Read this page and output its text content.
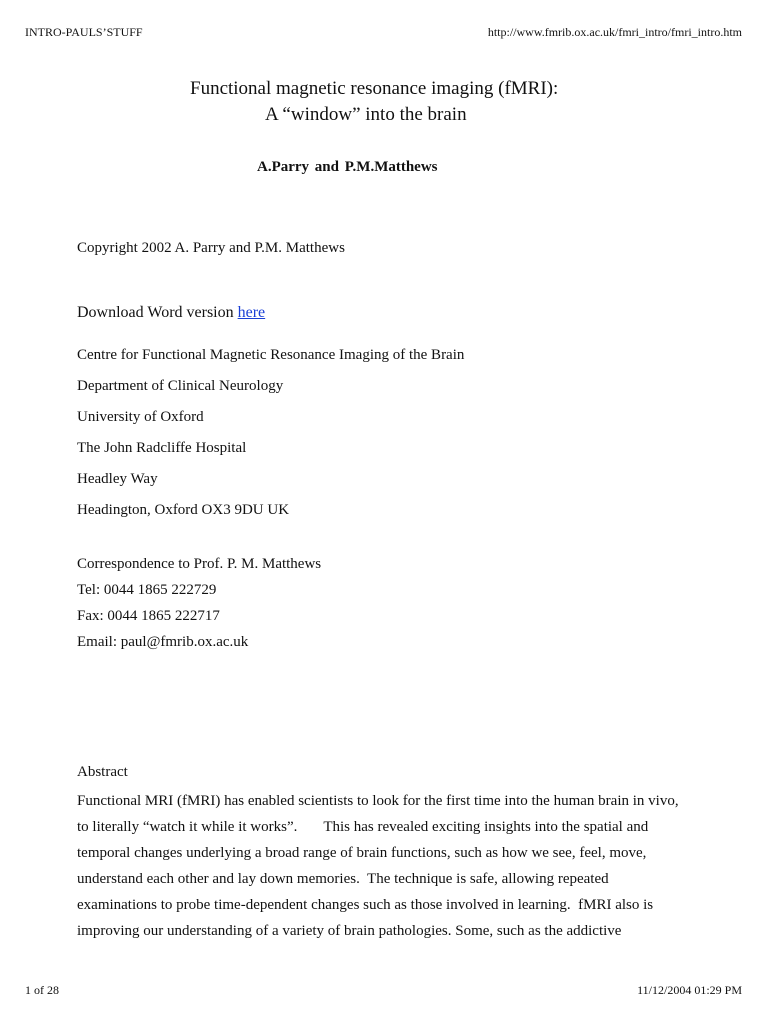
INTRO-PAULS’STUFF	http://www.fmrib.ox.ac.uk/fmri_intro/fmri_intro.htm
Functional magnetic resonance imaging (fMRI):
A “window” into the brain
A.Parry and P.M.Matthews
Copyright 2002 A. Parry and P.M. Matthews
Download Word version here
Centre for Functional Magnetic Resonance Imaging of the Brain
Department of Clinical Neurology
University of Oxford
The John Radcliffe Hospital
Headley Way
Headington, Oxford OX3 9DU UK
Correspondence to Prof. P. M. Matthews
Tel: 0044 1865 222729
Fax: 0044 1865 222717
Email: paul@fmrib.ox.ac.uk
Abstract
Functional MRI (fMRI) has enabled scientists to look for the first time into the human brain in vivo,
to literally “watch it while it works”.       This has revealed exciting insights into the spatial and
temporal changes underlying a broad range of brain functions, such as how we see, feel, move,
understand each other and lay down memories.  The technique is safe, allowing repeated
examinations to probe time-dependent changes such as those involved in learning.  fMRI also is
improving our understanding of a variety of brain pathologies. Some, such as the addictive
1 of 28	11/12/2004 01:29 PM
